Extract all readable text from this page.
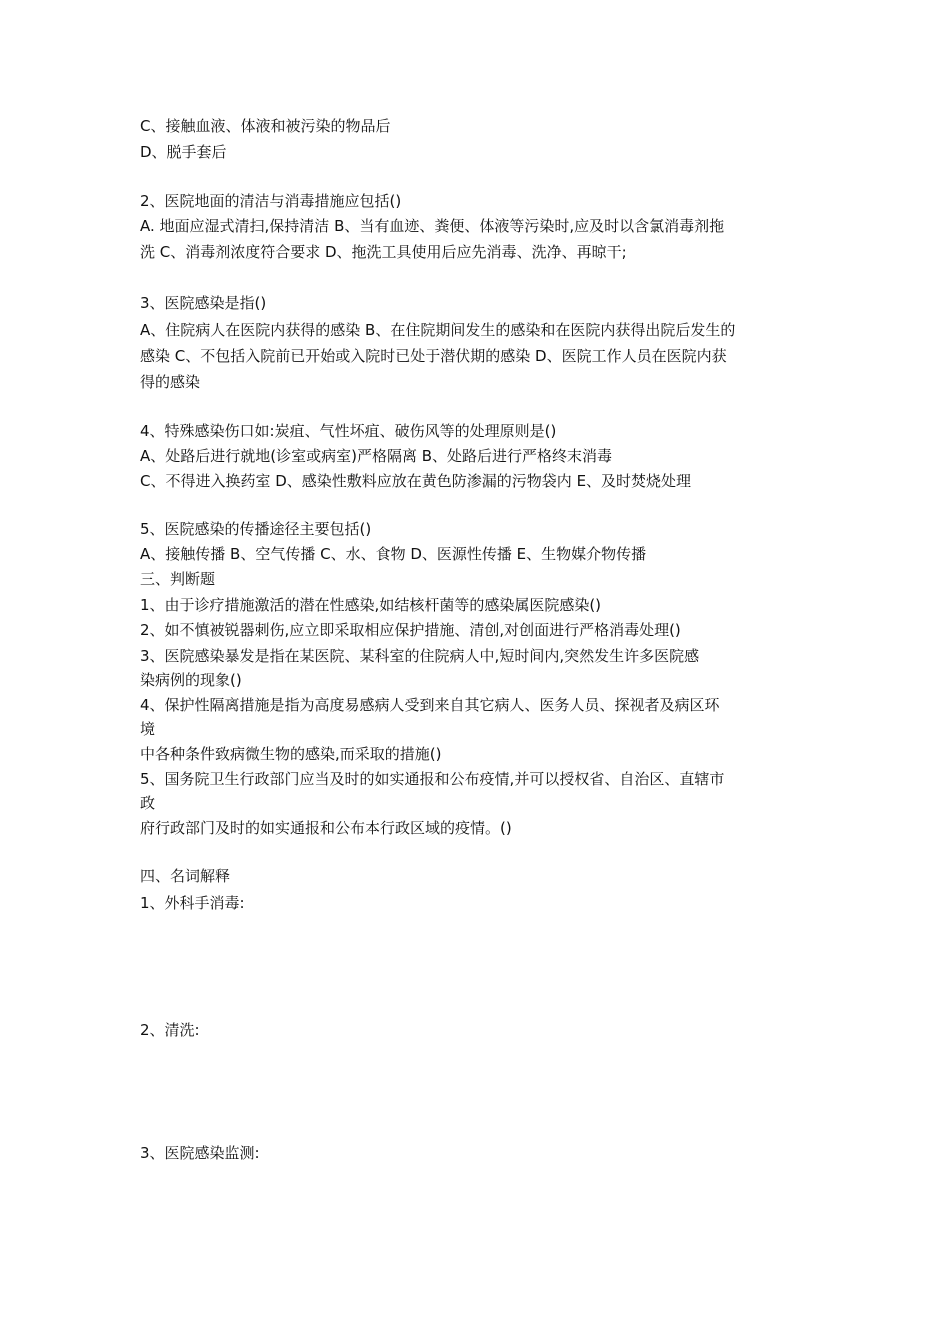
C、接触血液、体液和被污染的物品后

D、脱手套后

2、医院地面的清洁与消毒措施应包括()

A. 地面应湿式清扫,保持清洁 B、当有血迹、粪便、体液等污染时,应及时以含氯消毒剂拖

洗 C、消毒剂浓度符合要求 D、拖洗工具使用后应先消毒、洗净、再晾干;

3、医院感染是指()

A、住院病人在医院内获得的感染 B、在住院期间发生的感染和在医院内获得出院后发生的

感染 C、不包括入院前已开始或入院时已处于潜伏期的感染 D、医院工作人员在医院内获

得的感染

4、特殊感染伤口如:炭疽、气性坏疽、破伤风等的处理原则是()

A、处路后进行就地(诊室或病室)严格隔离 B、处路后进行严格终末消毒

C、不得进入换药室 D、感染性敷料应放在黄色防渗漏的污物袋内 E、及时焚烧处理

5、医院感染的传播途径主要包括()

A、接触传播 B、空气传播 C、水、食物 D、医源性传播 E、生物媒介物传播

三、判断题

1、由于诊疗措施激活的潜在性感染,如结核杆菌等的感染属医院感染()

2、如不慎被锐器刺伤,应立即采取相应保护措施、清创,对创面进行严格消毒处理()

3、医院感染暴发是指在某医院、某科室的住院病人中,短时间内,突然发生许多医院感

染病例的现象()

4、保护性隔离措施是指为高度易感病人受到来自其它病人、医务人员、探视者及病区环

境

中各种条件致病微生物的感染,而采取的措施()

5、国务院卫生行政部门应当及时的如实通报和公布疫情,并可以授权省、自治区、直辖市

政

府行政部门及时的如实通报和公布本行政区域的疫情。()

四、名词解释

1、外科手消毒:

2、清洗:

3、医院感染监测:
